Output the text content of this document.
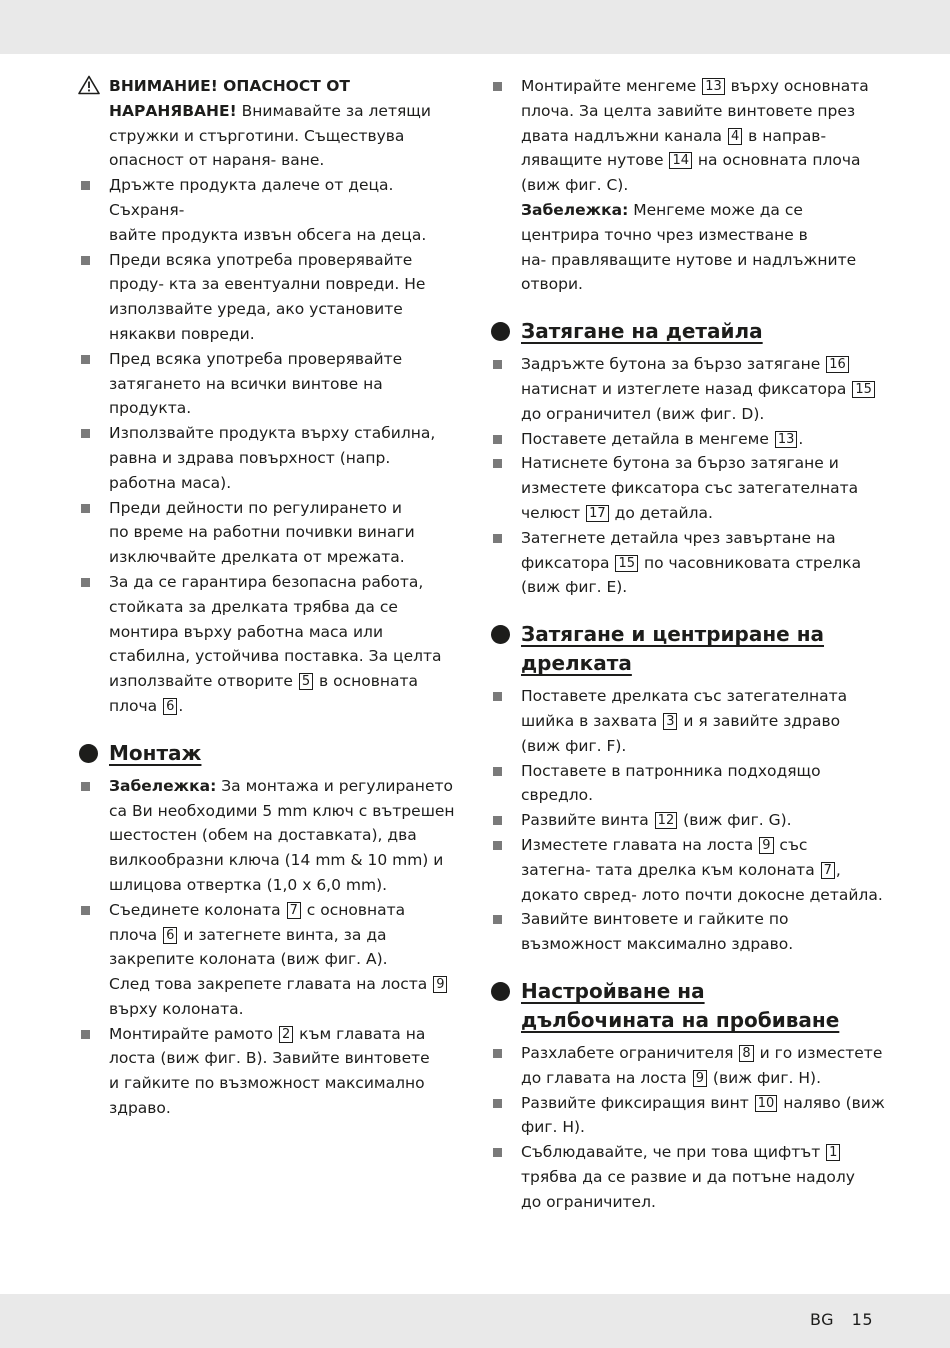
ВНИМАНИЕ! ОПАСНОСТ ОТ
НАРАНЯВАНЕ! Внимавайте за летящи
стружки и стърготини. Съществува
опасност от нараня- ване.
Дръжте продукта далече от деца. Съхраня-
вайте продукта извън обсега на деца.
Преди всяка употреба проверявайте
проду- кта за евентуални повреди. Не
използвайте уреда, ако установите
някакви повреди.
Пред всяка употреба проверявайте
затягането на всички винтове на продукта.
Използвайте продукта върху стабилна,
равна и здрава повърхност (напр.
работна маса).
Преди дейности по регулирането и
по време на работни почивки винаги
изключвайте дрелката от мрежата.
За да се гарантира безопасна работа,
стойката за дрелката трябва да се
монтира върху работна маса или
стабилна, устойчива поставка. За целта
използвайте отворите 5 в основната
плоча 6 .
Монтаж
Забележка: За монтажа и регулирането
са Ви необходими 5 mm ключ с вътрешен
шестостен (обем на доставката), два
вилкообразни ключа (14 mm & 10 mm) и
шлицова отвертка (1,0 x 6,0 mm).
Съединете колоната 7 с основната
плоча 6 и затегнете винта, за да
закрепите колоната (виж фиг. A).
След това закрепете главата на лоста 9
върху колоната.
Монтирайте рамото 2 към главата на
лоста (виж фиг. B). Завийте винтовете
и гайките по възможност максимално
здраво.
Монтирайте менгеме 13 върху основната
плоча. За целта завийте винтовете през
двата надлъжни канала 4 в направ-
ляващите нутове 14 на основната плоча
(виж фиг. C).
Забележка: Менгеме може да се
центрира точно чрез изместване в
на- правляващите нутове и надлъжните
отвори.
Затягане на детайла
Задръжте бутона за бързо затягане 16
натиснат и изтеглете назад фиксатора 15
до ограничител (виж фиг. D).
Поставете детайла в менгеме 13 .
Натиснете бутона за бързо затягане и
изместете фиксатора със затегателната
челюст 17 до детайла.
Затегнете детайла чрез завъртане на
фиксатора 15 по часовниковата стрелка
(виж фиг. E).
Затягане и центриране на
дрелката
Поставете дрелката със затегателната
шийка в захвата 3 и я завийте здраво
(виж фиг. F).
Поставете в патронника подходящо
свредло.
Развийте винта 12 (виж фиг. G).
Изместете главата на лоста 9 със
затегна- тата дрелка към колоната 7 ,
докато свред- лото почти докосне детайла.
Завийте винтовете и гайките по
възможност максимално здраво.
Настройване на
дълбочината на пробиване
Разхлабете ограничителя 8 и го изместете
до главата на лоста 9 (виж фиг. H).
Развийте фиксиращия винт 10 наляво (виж
фиг. H).
Съблюдавайте, че при това щифтът 1
трябва да се развие и да потъне надолу
до ограничител.
BG 15
